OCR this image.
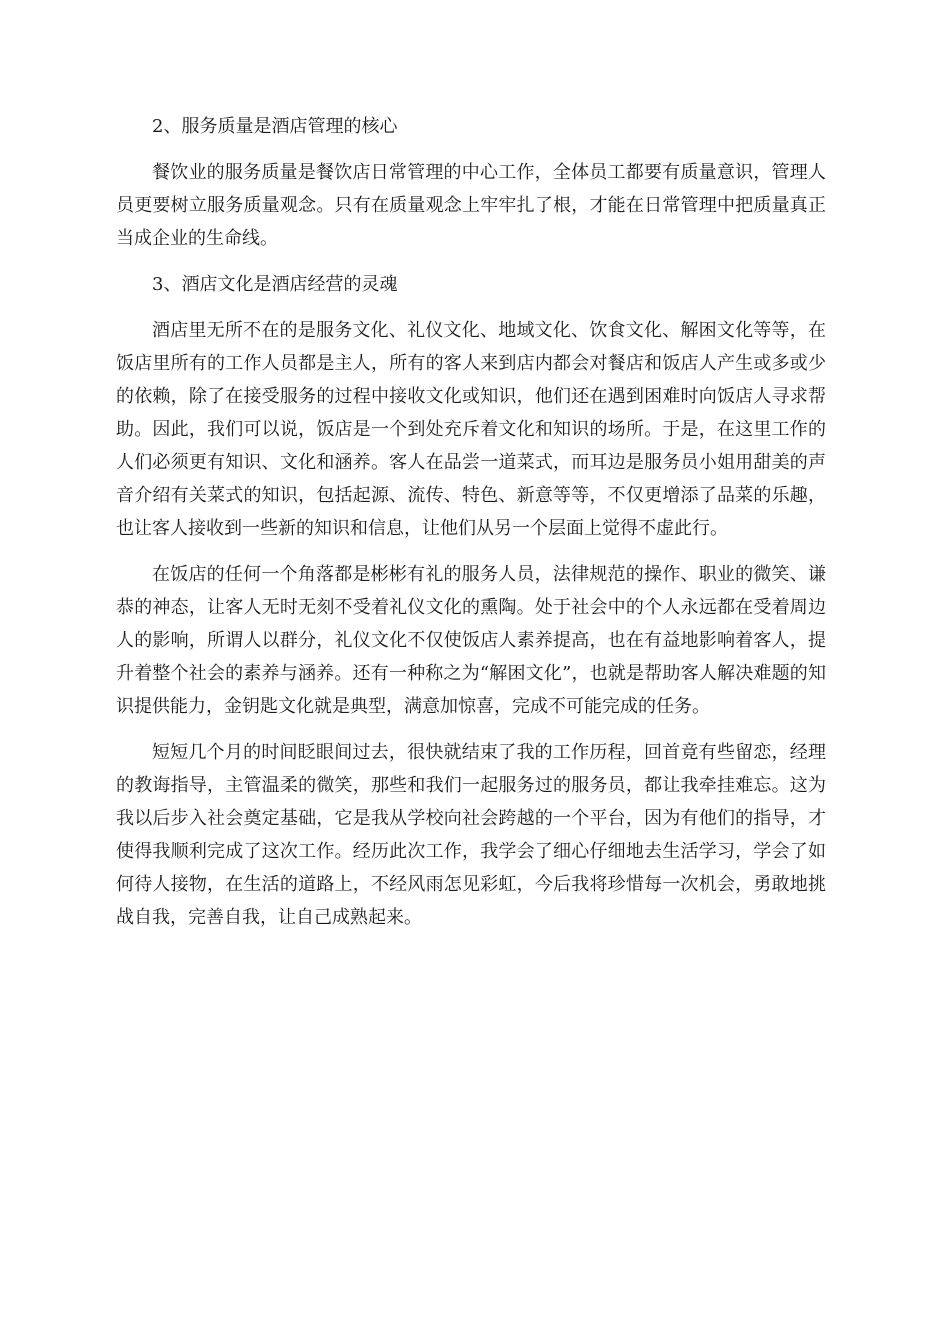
2、服务质量是酒店管理的核心

餐饮业的服务质量是餐饮店日常管理的中心工作，全体员工都要有质量意识，管理人员更要树立服务质量观念。只有在质量观念上牢牢扎了根，才能在日常管理中把质量真正当成企业的生命线。

3、酒店文化是酒店经营的灵魂

酒店里无所不在的是服务文化、礼仪文化、地域文化、饮食文化、解困文化等等，在饭店里所有的工作人员都是主人，所有的客人来到店内都会对餐店和饭店人产生或多或少的依赖，除了在接受服务的过程中接收文化或知识，他们还在遇到困难时向饭店人寻求帮助。因此，我们可以说，饭店是一个到处充斥着文化和知识的场所。于是，在这里工作的人们必须更有知识、文化和涵养。客人在品尝一道菜式，而耳边是服务员小姐用甜美的声音介绍有关菜式的知识，包括起源、流传、特色、新意等等，不仅更增添了品菜的乐趣，也让客人接收到一些新的知识和信息，让他们从另一个层面上觉得不虚此行。

在饭店的任何一个角落都是彬彬有礼的服务人员，法律规范的操作、职业的微笑、谦恭的神态，让客人无时无刻不受着礼仪文化的熏陶。处于社会中的个人永远都在受着周边人的影响，所谓人以群分，礼仪文化不仅使饭店人素养提高，也在有益地影响着客人，提升着整个社会的素养与涵养。还有一种称之为“解困文化”，也就是帮助客人解决难题的知识提供能力，金钥匙文化就是典型，满意加惊喜，完成不可能完成的任务。

短短几个月的时间眨眼间过去，很快就结束了我的工作历程，回首竟有些留恋，经理的教诲指导，主管温柔的微笑，那些和我们一起服务过的服务员，都让我牵挂难忘。这为我以后步入社会奠定基础，它是我从学校向社会跨越的一个平台，因为有他们的指导，才使得我顺利完成了这次工作。经历此次工作，我学会了细心仔细地去生活学习，学会了如何待人接物，在生活的道路上，不经风雨怎见彩虹，今后我将珍惜每一次机会，勇敢地挑战自我，完善自我，让自己成熟起来。
